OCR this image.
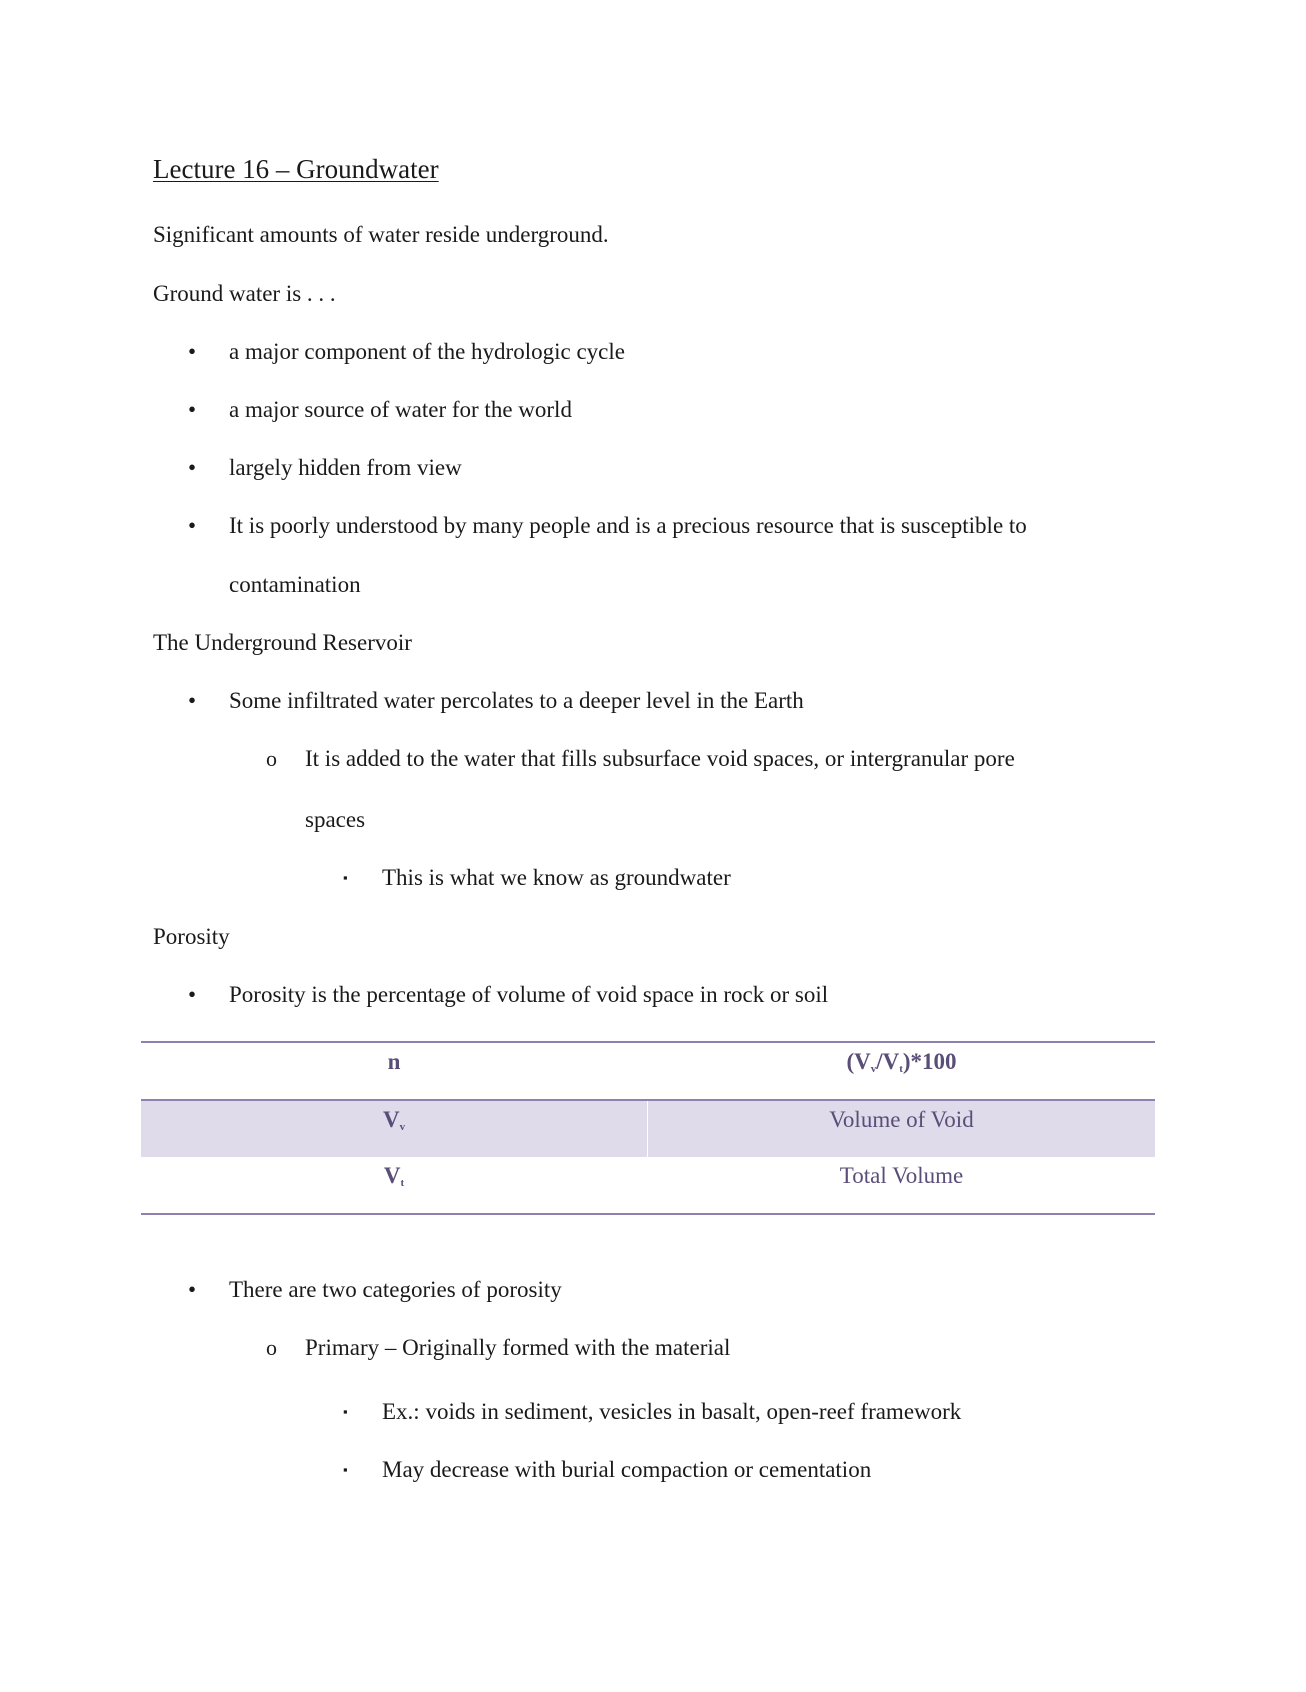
Lecture 16 – Groundwater
Significant amounts of water reside underground.
Ground water is . . .
• a major component of the hydrologic cycle
• a major source of water for the world
• largely hidden from view
• It is poorly understood by many people and is a precious resource that is susceptible to
contamination
The Underground Reservoir
• Some infiltrated water percolates to a deeper level in the Earth
o It is added to the water that fills subsurface void spaces, or intergranular pore
spaces
▪ This is what we know as groundwater
Porosity
• Porosity is the percentage of volume of void space in rock or soil
n	$(V_v/V_t)*100$
$V_v$	Volume of Void
$V_t$	Total Volume
• There are two categories of porosity
o Primary – Originally formed with the material
▪ Ex.: voids in sediment, vesicles in basalt, open-reef framework
▪ May decrease with burial compaction or cementation
